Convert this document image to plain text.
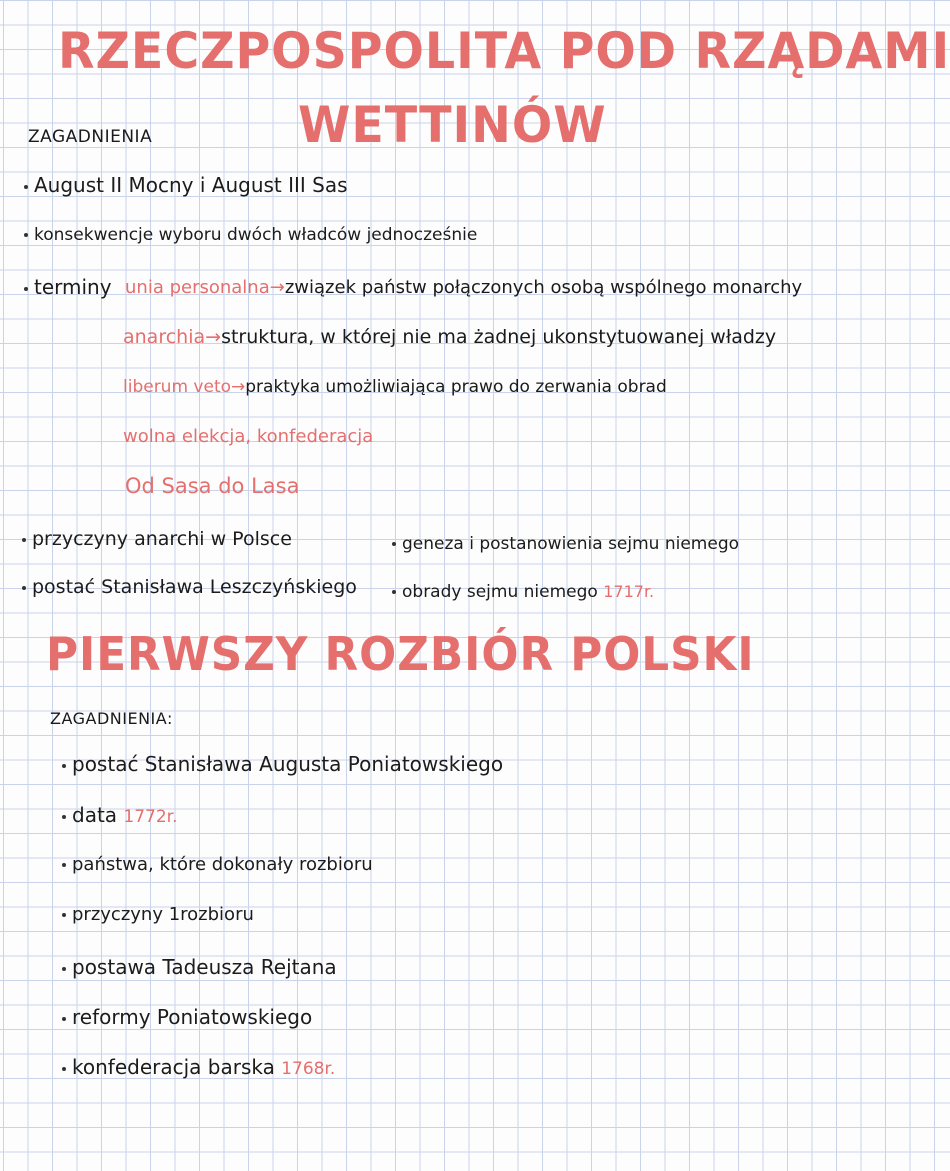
RZECZPOSPOLITA POD RZĄDAMI
WETTINÓW
ZAGADNIENIA
August II Mocny i August III Sas
konsekwencje wyboru dwóch władców jednocześnie
terminy unia personalna→związek państw połączonych osobą wspólnego monarchy
anarchia→struktura, w której nie ma żadnej ukonstytuowanej władzy
liberum veto→praktyka umożliwiająca prawo do zerwania obrad
wolna elekcja, konfederacja
Od Sasa do Lasa
przyczyny anarchi w Polsce
postać Stanisława Leszczyńskiego
geneza i postanowienia sejmu niemego
obrady sejmu niemego 1717r.
PIERWSZY ROZBIÓR POLSKI
ZAGADNIENIA:
postać Stanisława Augusta Poniatowskiego
data 1772r.
państwa, które dokonały rozbioru
przyczyny 1rozbioru
postawa Tadeusza Rejtana
reformy Poniatowskiego
konfederacja barska 1768r.
